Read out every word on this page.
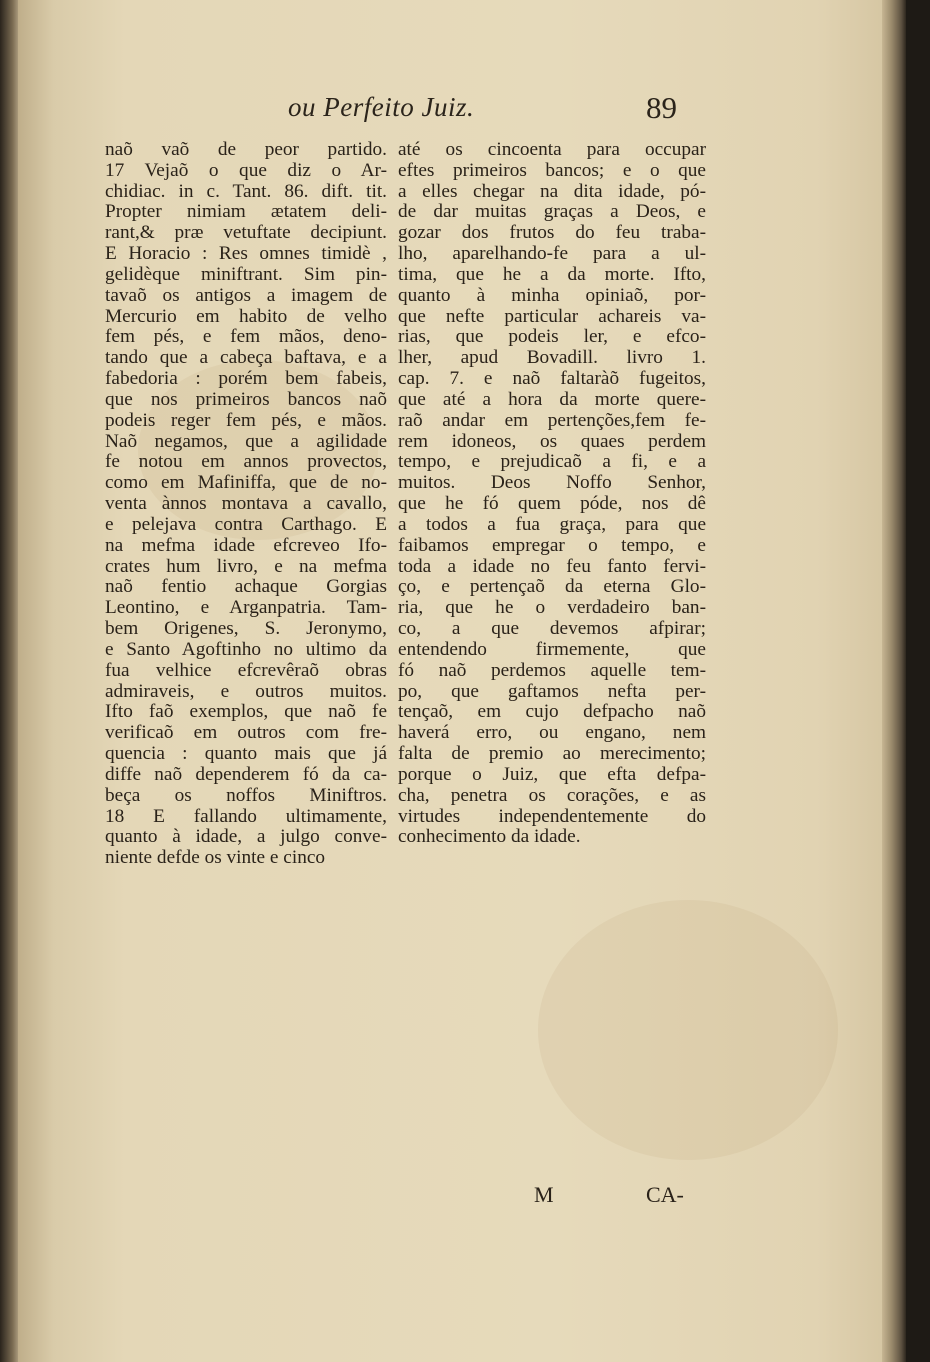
ou Perfeito Juiz.	89
naõ vaõ de peor partido.
17 Vejaõ o que diz o Ar-
chidiac. in c. Tant. 86. dift. tit.
Propter nimiam ætatem deli-
rant,& præ vetuftate decipiunt.
E Horacio : Res omnes timidè ,
gelidèque miniftrant. Sim pin-
tavaõ os antigos a imagem de
Mercurio em habito de velho
fem pés, e fem mãos, deno-
tando que a cabeça baftava, e a
fabedoria : porém bem fabeis,
que nos primeiros bancos naõ
podeis reger fem pés, e mãos.
Naõ negamos, que a agilidade
fe notou em annos provectos,
como em Mafiniffa, que de no-
venta ànnos montava a cavallo,
e pelejava contra Carthago. E
na mefma idade efcreveo Ifo-
crates hum livro, e na mefma
naõ fentio achaque Gorgias
Leontino, e Arganpatria. Tam-
bem Origenes, S. Jeronymo,
e Santo Agoftinho no ultimo da
fua velhice efcrevêraõ obras
admiraveis, e outros muitos.
Ifto faõ exemplos, que naõ fe
verificaõ em outros com fre-
quencia : quanto mais que já
diffe naõ dependerem fó da ca-
beça os noffos Miniftros.
18 E fallando ultimamente,
quanto à idade, a julgo conve-
niente defde os vinte e cinco
até os cincoenta para occupar
eftes primeiros bancos; e o que
a elles chegar na dita idade, pó-
de dar muitas graças a Deos, e
gozar dos frutos do feu traba-
lho, aparelhando-fe para a ul-
tima, que he a da morte. Ifto,
quanto à minha opiniaõ, por-
que nefte particular achareis va-
rias, que podeis ler, e efco-
lher, apud Bovadill. livro 1.
cap. 7. e naõ faltaràõ fugeitos,
que até a hora da morte querе-
raõ andar em pertenções,fem fe-
rem idoneos, os quaes perdem
tempo, e prejudicaõ a fi, e a
muitos. Deos Noffo Senhor,
que he fó quem póde, nos dê
a todos a fua graça, para que
faibamos empregar o tempo, e
toda a idade no feu fanto fervi-
ço, e pertençaõ da eterna Glo-
ria, que he o verdadeiro ban-
co, a que devemos afpirar;
entendendo firmemente, que
fó naõ perdemos aquelle tem-
po, que gaftamos nefta per-
tençaõ, em cujo defpacho naõ
haverá erro, ou engano, nem
falta de premio ao merecimento;
porque o Juiz, que efta defpa-
cha, penetra os corações, e as
virtudes independentemente do
conhecimento da idade.
M	CA-
